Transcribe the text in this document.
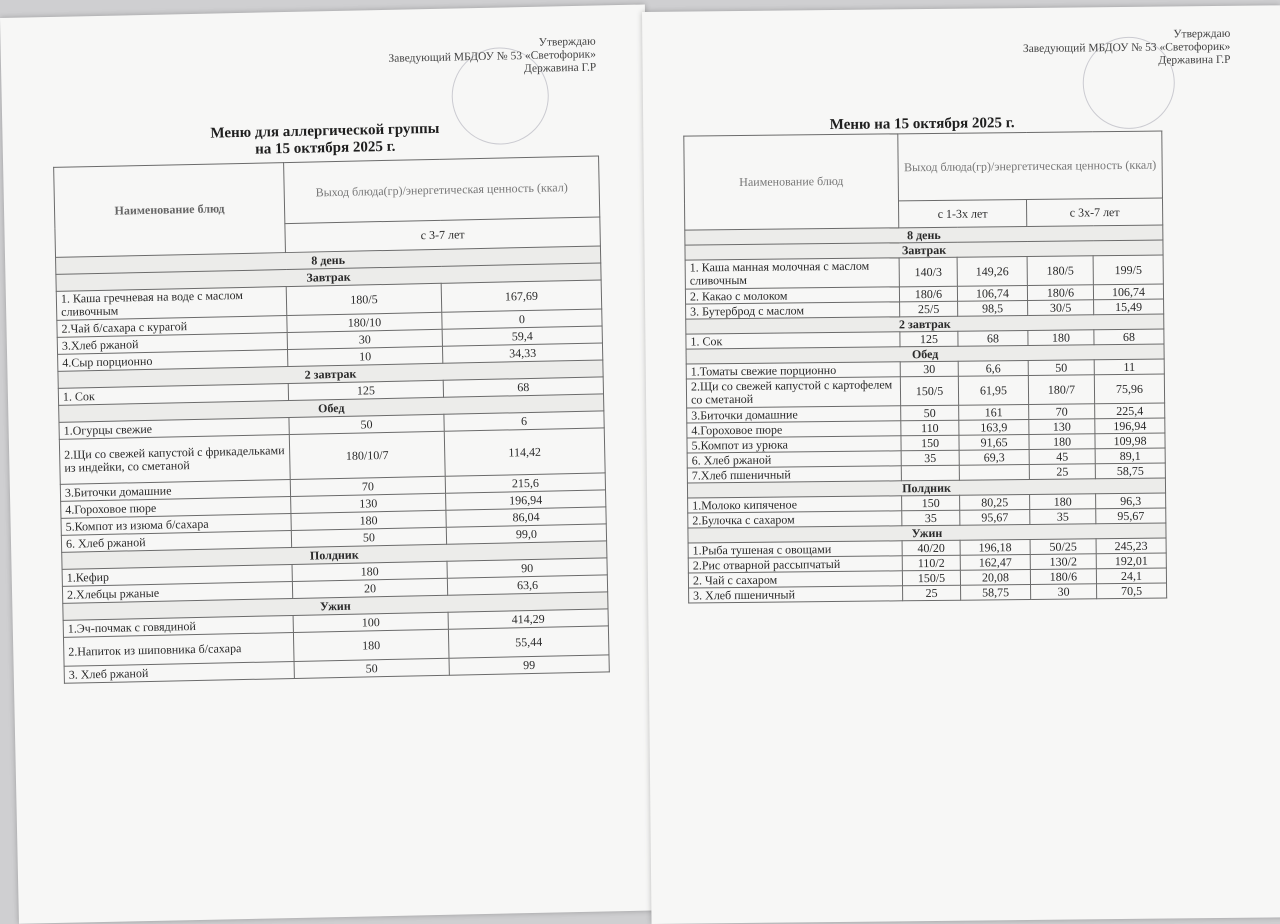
Утверждаю
Заведующий МБДОУ № 53 «Светофорик»
Державина Г.Р
Меню для аллергической группы
на 15 октября 2025 г.
Наименование блюд	Выход блюда(гр)/энергетическая ценность (ккал)	
	с 3-7 лет	
8 день		
Завтрак		
1. Каша гречневая на воде с маслом сливочным	180/5	167,69
2.Чай б/сахара с курагой	180/10	0
3.Хлеб ржаной	30	59,4
4.Сыр порционно	10	34,33
2 завтрак		
1. Сок	125	68
Обед		
1.Огурцы свежие	50	6
2.Щи со свежей капустой с фрикадельками из индейки, со сметаной	180/10/7	114,42
3.Биточки домашние	70	215,6
4.Гороховое пюре	130	196,94
5.Компот из изюма б/сахара	180	86,04
6. Хлеб ржаной	50	99,0
Полдник		
1.Кефир	180	90
2.Хлебцы ржаные	20	63,6
Ужин		
1.Эч-почмак с говядиной	100	414,29
2.Напиток из шиповника б/сахара	180	55,44
3. Хлеб ржаной	50	99
Утверждаю
Заведующий МБДОУ № 53 «Светофорик»
Державина Г.Р
Меню на 15 октября 2025 г.
Наименование блюд	Выход блюда(гр)/энергетическая ценность (ккал)			
	с 1-3х лет		с 3х-7 лет	
8 день				
Завтрак				
1. Каша манная молочная с маслом сливочным	140/3	149,26	180/5	199/5
2. Какао с молоком	180/6	106,74	180/6	106,74
3. Бутерброд с маслом	25/5	98,5	30/5	15,49
2 завтрак				
1. Сок	125	68	180	68
Обед				
1.Томаты свежие порционно	30	6,6	50	11
2.Щи со свежей капустой с картофелем со сметаной	150/5	61,95	180/7	75,96
3.Биточки домашние	50	161	70	225,4
4.Гороховое пюре	110	163,9	130	196,94
5.Компот из урюка	150	91,65	180	109,98
6. Хлеб ржаной	35	69,3	45	89,1
7.Хлеб пшеничный			25	58,75
Полдник				
1.Молоко кипяченое	150	80,25	180	96,3
2.Булочка с сахаром	35	95,67	35	95,67
Ужин				
1.Рыба тушеная с овощами	40/20	196,18	50/25	245,23
2.Рис отварной рассыпчатый	110/2	162,47	130/2	192,01
2. Чай с сахаром	150/5	20,08	180/6	24,1
3. Хлеб пшеничный	25	58,75	30	70,5
